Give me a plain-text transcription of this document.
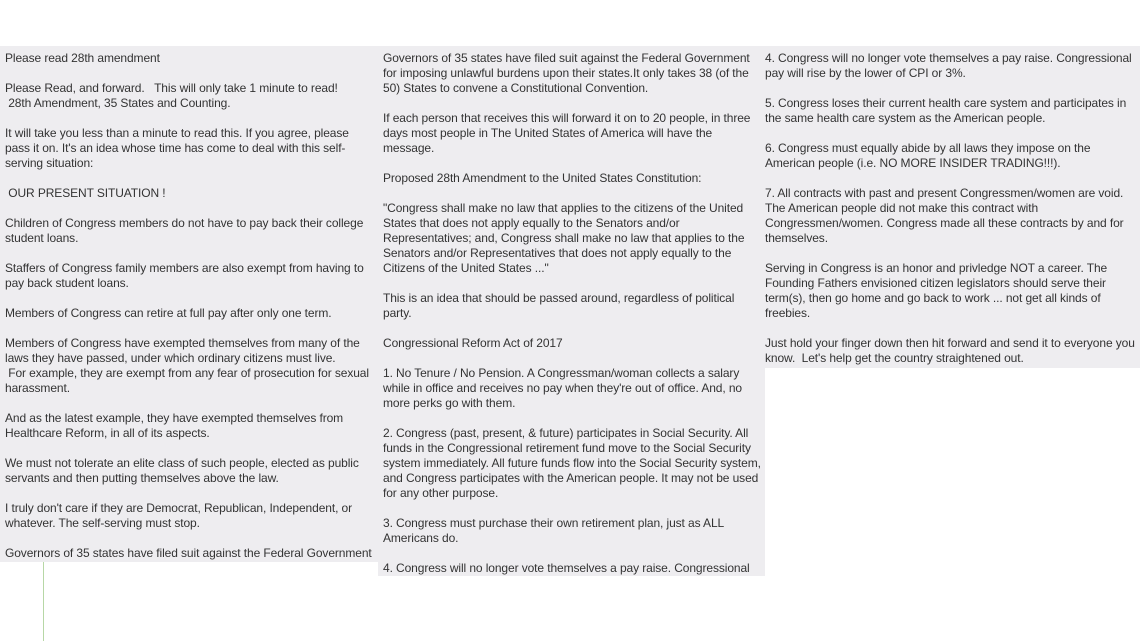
Please read 28th amendment

Please Read, and forward.   This will only take 1 minute to read!
28th Amendment, 35 States and Counting.

It will take you less than a minute to read this. If you agree, please pass it on. It's an idea whose time has come to deal with this self-serving situation:

OUR PRESENT SITUATION !

Children of Congress members do not have to pay back their college student loans.

Staffers of Congress family members are also exempt from having to pay back student loans.

Members of Congress can retire at full pay after only one term.

Members of Congress have exempted themselves from many of the laws they have passed, under which ordinary citizens must live.
For example, they are exempt from any fear of prosecution for sexual harassment.

And as the latest example, they have exempted themselves from Healthcare Reform, in all of its aspects.

We must not tolerate an elite class of such people, elected as public servants and then putting themselves above the law.

I truly don't care if they are Democrat, Republican, Independent, or whatever. The self-serving must stop.

Governors of 35 states have filed suit against the Federal Government

Governors of 35 states have filed suit against the Federal Government for imposing unlawful burdens upon their states.It only takes 38 (of the 50) States to convene a Constitutional Convention.

If each person that receives this will forward it on to 20 people, in three days most people in The United States of America will have the message.

Proposed 28th Amendment to the United States Constitution:

"Congress shall make no law that applies to the citizens of the United States that does not apply equally to the Senators and/or Representatives; and, Congress shall make no law that applies to the Senators and/or Representatives that does not apply equally to the Citizens of the United States ..."

This is an idea that should be passed around, regardless of political party.

Congressional Reform Act of 2017

1. No Tenure / No Pension. A Congressman/woman collects a salary while in office and receives no pay when they're out of office. And, no more perks go with them.

2. Congress (past, present, & future) participates in Social Security. All funds in the Congressional retirement fund move to the Social Security system immediately. All future funds flow into the Social Security system, and Congress participates with the American people. It may not be used for any other purpose.

3. Congress must purchase their own retirement plan, just as ALL Americans do.

4. Congress will no longer vote themselves a pay raise. Congressional

4. Congress will no longer vote themselves a pay raise. Congressional pay will rise by the lower of CPI or 3%.

5. Congress loses their current health care system and participates in the same health care system as the American people.

6. Congress must equally abide by all laws they impose on the American people (i.e. NO MORE INSIDER TRADING!!!).

7. All contracts with past and present Congressmen/women are void. The American people did not make this contract with Congressmen/women. Congress made all these contracts by and for themselves.

Serving in Congress is an honor and privledge NOT a career. The Founding Fathers envisioned citizen legislators should serve their term(s), then go home and go back to work ... not get all kinds of freebies.

Just hold your finger down then hit forward and send it to everyone you know.  Let's help get the country straightened out.
